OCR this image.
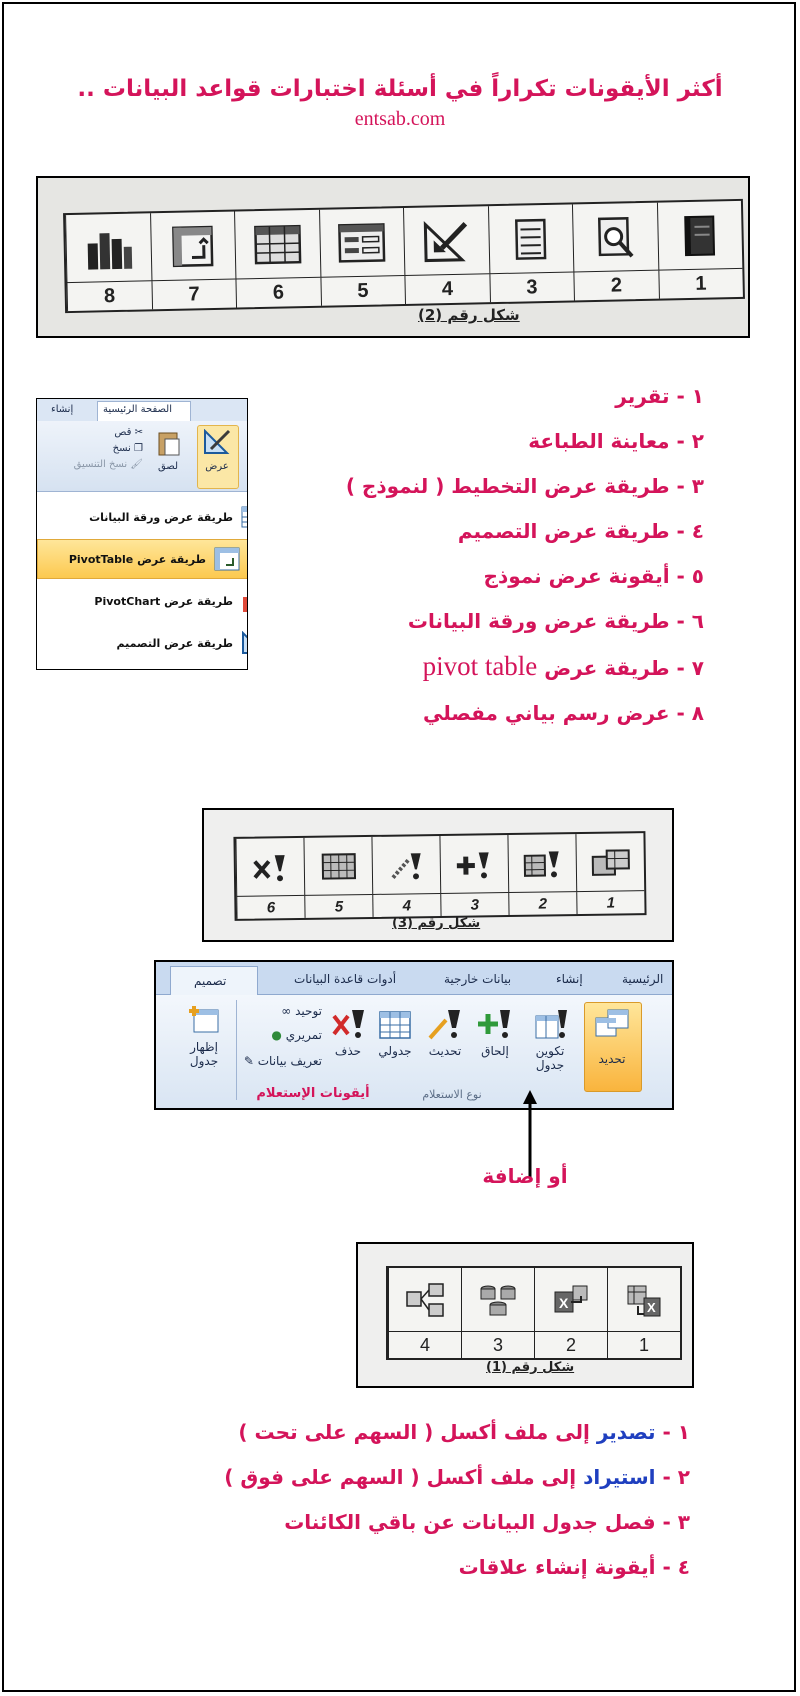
أكثر الأيقونات تكراراً في أسئلة اختبارات قواعد البيانات ..
entsab.com
8	7	6	5	4	3	2	1
شكل رقم (2)
الصفحة الرئيسية
إنشاء
عرض
لصق
✂ قص
❐ نسخ
🖌 نسخ التنسيق
طريقة عرض ورقة البيانات
طريقة عرض PivotTable
طريقة عرض PivotChart
طريقة عرض التصميم
١ - تقرير
٢ - معاينة الطباعة
٣ - طريقة عرض التخطيط ( لنموذج )
٤ - طريقة عرض التصميم
٥ - أيقونة عرض نموذج
٦ - طريقة عرض ورقة البيانات
٧ - طريقة عرض pivot table
٨ - عرض رسم بياني مفصلي
6	5	4	3	2	1
شكل رقم (3)
تصميم	أدوات قاعدة البيانات	بيانات خارجية	إنشاء	الرئيسية
إظهار جدول
توحيد ∞
تمريري ●
تعريف بيانات ✎
حذف	جدولي	تحديث	إلحاق	تكوين جدول	تحديد
أيقونات الإستعلام	نوع الاستعلام
أو إضافة
X	X
4	3	2	1
شكل رقم (1)
١ - تصدير إلى ملف أكسل ( السهم على تحت )
٢ - استيراد إلى ملف أكسل ( السهم على فوق )
٣ - فصل جدول البيانات عن باقي الكائنات
٤ - أيقونة إنشاء علاقات
